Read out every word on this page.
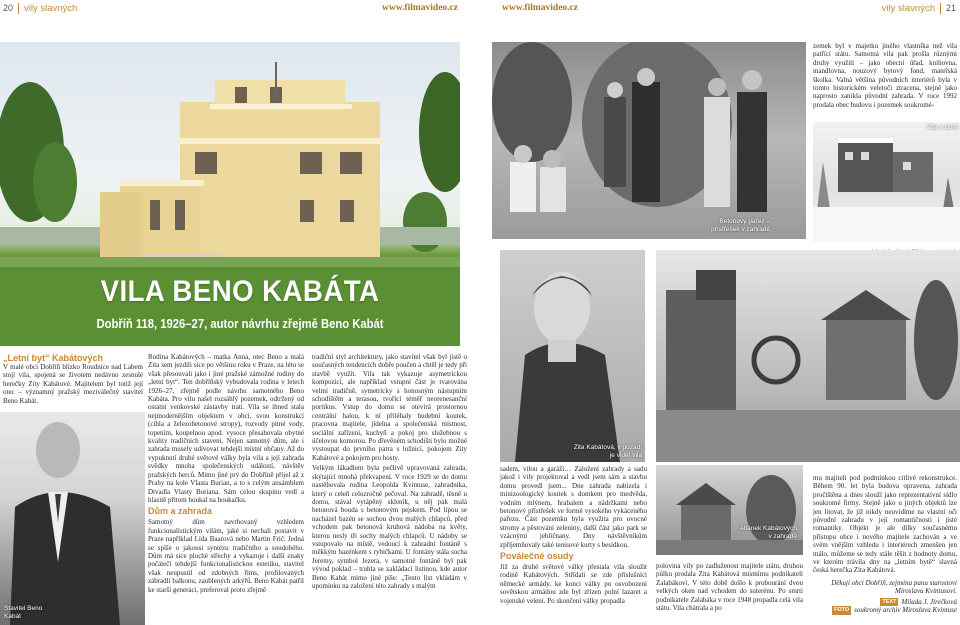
20 vily slavných	www.filmavideo.cz	www.filmavideo.cz	vily slavných 21
VILA BENO KABÁTA
Dobříň 118, 1926–27, autor návrhu zřejmě Beno Kabát
„Letní byt“ Kabátových

V malé obci Dobříň blízko Roudnice nad Labem stojí vila, spojená se životem nedávno zesnulé herečky Zity Kabátové. Majitelem byl totiž její otec – významný pražský meziválečný stavitel Beno Kabát.

Stavitel Beno Kabát

Rodina Kabátových – matka Anna, otec Beno a malá Zita sem jezdili sice po většinu roku v Praze, na léto se však přesouvali jako i jiné pražské zámožné rodiny do „letní byt“. Ten dobříňský vybudovala rodina v letech 1926–27, zřejmě podle návrhu samotného Beno Kabáta. Pro vilu našel rozsáhlý pozemek, odtržený od ostatní venkovské zástavby trati. Vila se ihned stala nejmodernějším objektem v obci, svou konstrukcí (cihla a železobetonové stropy), rozvody pitné vody, topením, koupelnou apod. vysoce přesahovala obytné kvality tradičních staveni. Nejen samotný dům, ale i zahrada musely udivovat tehdejší místní občany. Až do vypuknutí druhé světové války byla vila a její zahrada svědky mnoha společenských událostí, návštěv pražských herců. Mimo jiné prý do Dobříně přijel až z Prahy na kole Vlasta Burian, a to s celým ansámblem Divadla Vlasty Buriana. Sám celou skupinu vedl a hlasitě přitom houkal na houkačku.

Dům a zahrada

Samotný dům navrhovaný vzhledem funkcionalistickým vilám, jaké si nechali postavit v Praze například Lída Baarová nebo Martin Frič. Jedná se spíše o jakousi syntézu tradičního a soudobého. Dům má sice ploché střechy a vykazuje i další znaky počátečí tehdejší funkcionalistickou estetiku, stavitel však neupustil od zdobných říms, profilovaných zábradlí balkonu, zaoblených arkýřů. Beno Kabát patřil ke starší generaci, preferoval proto zřejmě

tradiční styl architektury, jako stavitel však byl jistě o současných tendencích dobře poučen a chtěl je tedy při stavbě využít. Vila tak vykazuje asymetrickou kompozici, ale například vstupní část je tvarována velmi tradičně, symetricky s honosným nástupním schodištěm a terasou, tvořící téměř neorenesanční portikus. Vstup do domu se otevírá prostornou centrální halou, k ní přiléhaly hudební koutek, pracovna majitele, jídelna a společenská místnost, sociální zařízení, kuchyň a pokoj pro služebnou s účelovou komorou. Po dřevěném schodišti bylo možné vystoupat do prvního patra s ložnicí, pokojem Zity Kabátové a pokojem pro hosty.

Velkým lákadlem byla pečlivě upravovaná zahrada, skýtající mnohá překvapení. V roce 1929 se do domu nastěhovala rodina Leopolda Kvintuse, zahradníka, který o celeň celozročně pečoval. Na zahradě, těsně u domu, stával vytápěný skleník, u něj pak malá betonová bouda s betonovým pejskem. Pod lípou se nacházel bazén se sochou dvou malých chlapců, před vchodem pak betonová kruhová nádoba na květy, kterou nesly tři sochy malých chlapců. U nádoby se vstupovalo na místě, vedoucí k zahradní fontáně s měkkým bazénkem s rybičkami. U fontány stála socha Jeremy, symbol Jezera, v samotné fontáně byl pak vývod poklad – truhla se zakládací listinou, kde autor Beno Kabát mimo jiné píše: „Tento list vkládám v upomínku na založení této zahrady s malým

Betonový pařez – přístřešek v zahradě

zemek byl v majetku jiného vlastníka než vila patřící státu. Samotná vila pak prošla různými druhy využití – jako obecní úřad, knihovna, mandlovna, nouzový bytový fond, mateřská školka. Valná většina původních interiérů byla v tomto historickém veletoči ztracena, stejně jako naprosto zanikla původní zahrada. V roce 1992 prodala obec budovu i pozemek soukromé-

Vila v zimě
Zita Kabátová, v pozadí je vidět vila

sadem, vilou a garáží… Založení zahrady a sadu jakož i vily projektoval a vedl jsem sám a stavbu domu provedl jsem... Dne zahrada nabízela i minizoologický koutek s domkem pro medvěda, vodním mlýnem, hrabalem a nádržkami nebo betonový přístřešek ve formě vysokého vykáceného pařezu. Část pozemku byla využita pro ovocné stromy a pěstování zeleniny, další část jako park se vzácnými jehličnany. Dny návštěvníkům zpříjemňovaly také tenisové kurty s besídkou.

Poválečné osudy

Již za druhé světové války přestala vila sloužit rodině Kabátových. Střídali se zde příslušníci německé armády, ke konci války po osvobození sovětskou armádou zde byl zřízen polní lazaret a vojenské velení. Po skončení války propadla

Altánek Kabátových v zahradě

polovina vily po zadluženost majitele státu, druhou půlku prodala Zita Kabátová místnímu podnikateli Zalabákovi. V této době došlo k probourání dvou velkých oken nad vchodem do suterénu. Po smrti podnikatele Zalabáka v roce 1948 propadla celá vila státu. Vila chátrala a po

mu majiteli pod podmínkou citlivé rekonstrukce. Během 90. let byla budova opravena, zahrada pročištěna a dnes slouží jako reprezentativní sídlo soukromé firmy. Stejně jako u jiných objektů lze jen litovat, že již nikdy neuvidíme na vlastní oči původní zahradu v její romantičnosti i jisté romantiky. Objekt je ale dílky současnému přístupu obce i nového majitele zachován a ve svém vnějším vzhledu i interiérech zmenšen jen málo, můžeme se tedy stále těšit z hodnoty domu, ve kterém trávila dny na „letním bytě“ slavná česká herečka Zita Kabátová.

Děkují obci Dobříň, zejména panu starostovi Miroslavu Kvintusovi.

TEXT Milada J. Jirečková
FOTO soukromý archiv Miroslava Kvintuse
